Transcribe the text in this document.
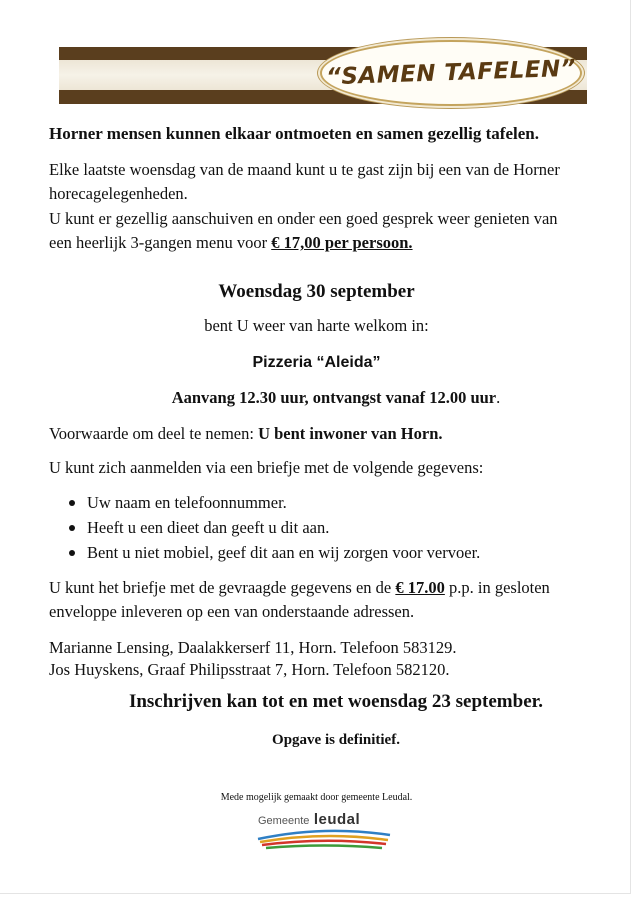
“SAMEN TAFELEN”

Horner mensen kunnen elkaar ontmoeten en samen gezellig tafelen.

Elke laatste woensdag van de maand kunt u te gast zijn bij een van de Horner

horecagelegenheden.

U kunt er gezellig aanschuiven en onder een goed gesprek weer genieten van

een heerlijk 3-gangen menu voor € 17,00 per persoon.

Woensdag 30 september

bent U weer van harte welkom in:

Pizzeria “Aleida”

Aanvang 12.30 uur, ontvangst vanaf 12.00 uur.

Voorwaarde om deel te nemen: U bent inwoner van Horn.

U kunt zich aanmelden via een briefje met de volgende gegevens:

Uw naam en telefoonnummer.
Heeft u een dieet dan geeft u dit aan.
Bent u niet mobiel, geef dit aan en wij zorgen voor vervoer.

U kunt het briefje met de gevraagde gegevens en de € 17.00 p.p. in gesloten

enveloppe inleveren op een van onderstaande adressen.

Marianne Lensing, Daalakkerserf 11, Horn. Telefoon 583129.

Jos Huyskens, Graaf Philipsstraat 7, Horn. Telefoon 582120.

Inschrijven kan tot en met woensdag 23 september.

Opgave is definitief.

Mede mogelijk gemaakt door gemeente Leudal.
Gemeente leudal
